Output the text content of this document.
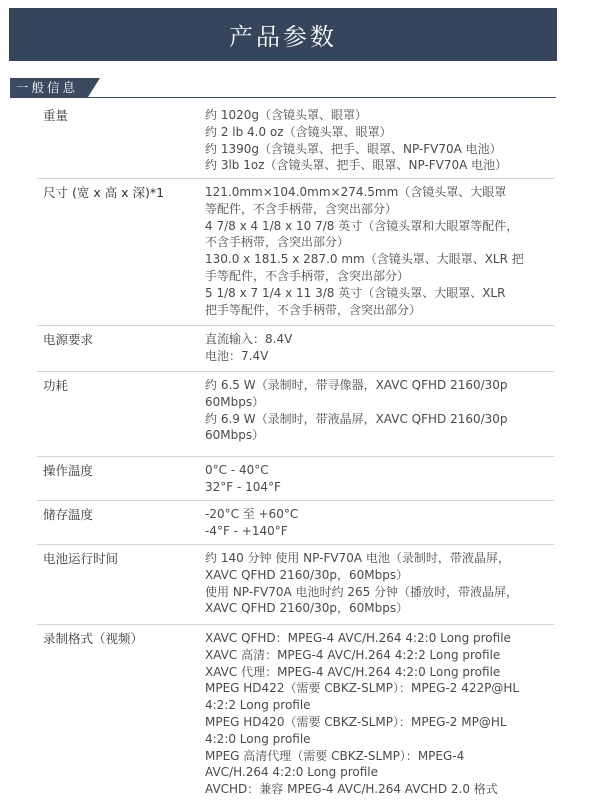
产品参数
一般信息
重量	约 1020g（含镜头罩、眼罩）
约 2 lb 4.0 oz（含镜头罩、眼罩）
约 1390g（含镜头罩、把手、眼罩、NP-FV70A 电池）
约 3lb 1oz（含镜头罩、把手、眼罩、NP-FV70A 电池）
尺寸 (宽 x 高 x 深)*1	121.0mm×104.0mm×274.5mm（含镜头罩、大眼罩
等配件，不含手柄带，含突出部分）
4 7/8 x 4 1/8 x 10 7/8 英寸（含镜头罩和大眼罩等配件，
不含手柄带，含突出部分）
130.0 x 181.5 x 287.0 mm（含镜头罩、大眼罩、XLR 把
手等配件，不含手柄带，含突出部分）
5 1/8 x 7 1/4 x 11 3/8 英寸（含镜头罩、大眼罩、XLR
把手等配件，不含手柄带，含突出部分）
电源要求	直流输入：8.4V
电池：7.4V
功耗	约 6.5 W（录制时，带寻像器，XAVC QFHD 2160/30p
60Mbps）
约 6.9 W（录制时，带液晶屏，XAVC QFHD 2160/30p
60Mbps）
操作温度	0°C - 40°C
32°F - 104°F
储存温度	-20°C 至 +60°C
-4°F - +140°F
电池运行时间	约 140 分钟 使用 NP-FV70A 电池（录制时，带液晶屏，
XAVC QFHD 2160/30p，60Mbps）
使用 NP-FV70A 电池时约 265 分钟（播放时，带液晶屏，
XAVC QFHD 2160/30p，60Mbps）
录制格式（视频）	XAVC QFHD：MPEG-4 AVC/H.264 4:2:0 Long profile
XAVC 高清：MPEG-4 AVC/H.264 4:2:2 Long profile
XAVC 代理：MPEG-4 AVC/H.264 4:2:0 Long profile
MPEG HD422（需要 CBKZ-SLMP）：MPEG-2 422P@HL
4:2:2 Long profile
MPEG HD420（需要 CBKZ-SLMP）：MPEG-2 MP@HL
4:2:0 Long profile
MPEG 高清代理（需要 CBKZ-SLMP）：MPEG-4
AVC/H.264 4:2:0 Long profile
AVCHD：兼容 MPEG-4 AVC/H.264 AVCHD 2.0 格式
